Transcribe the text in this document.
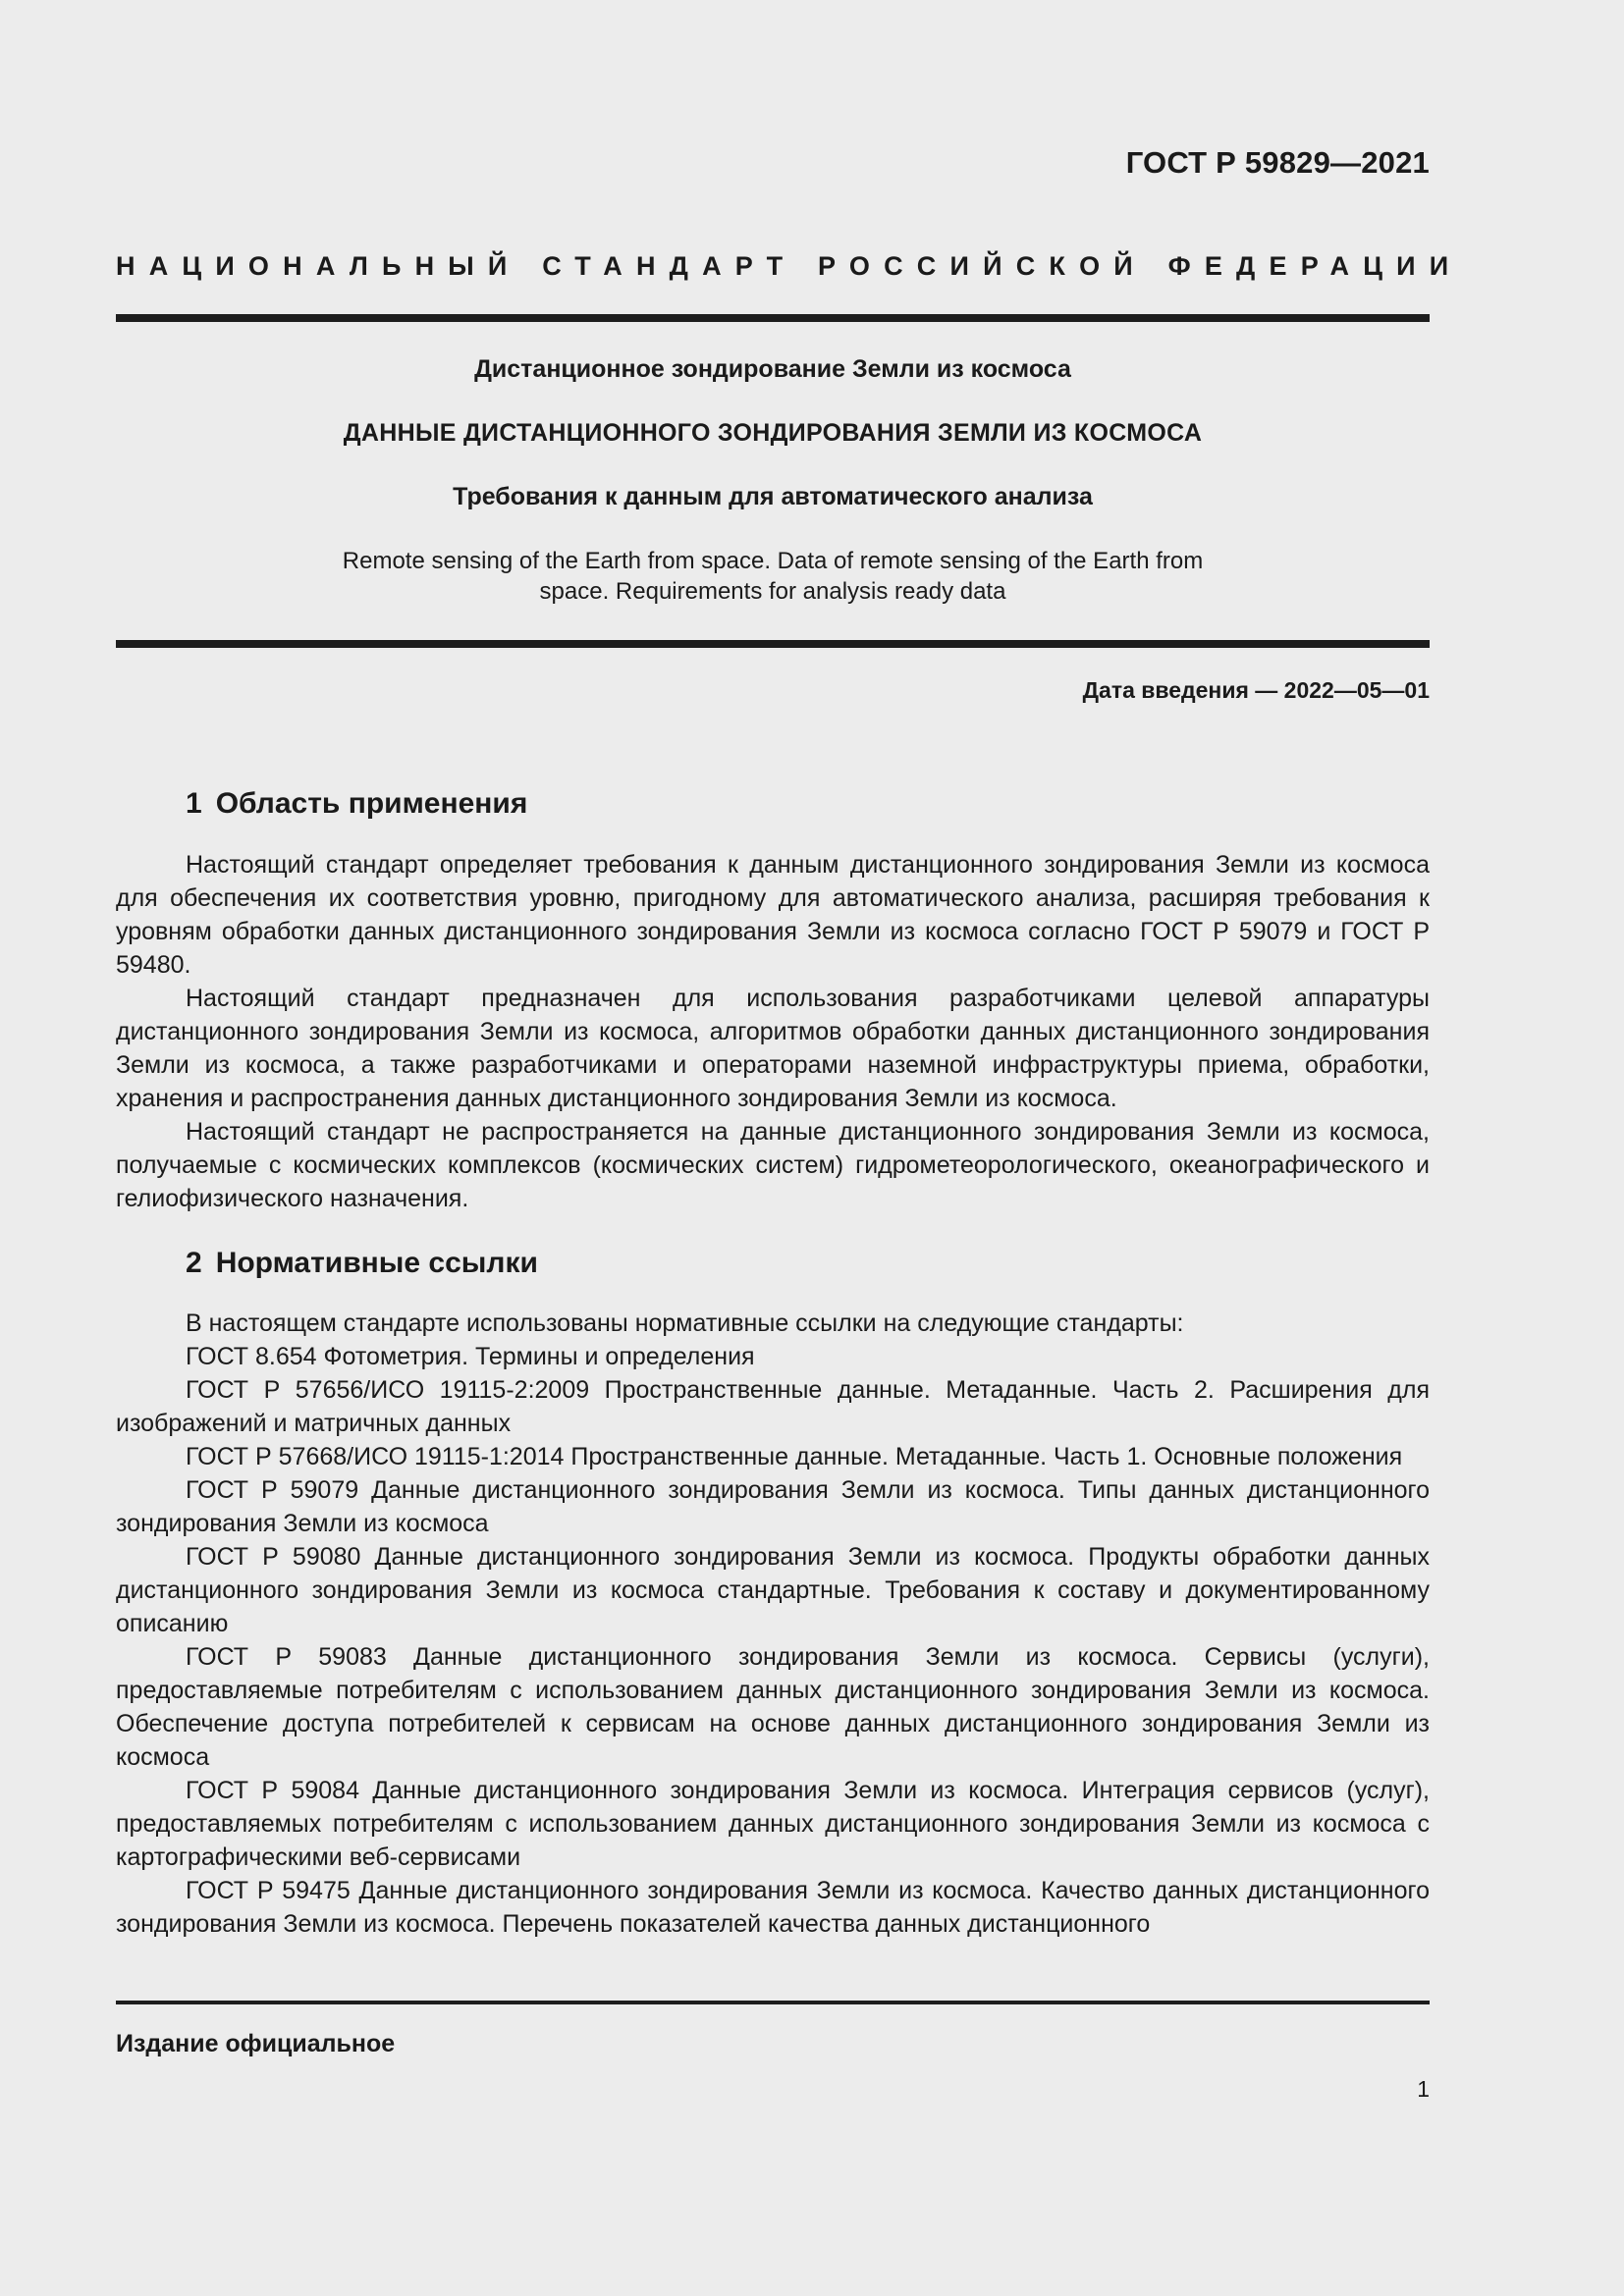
ГОСТ Р 59829—2021
НАЦИОНАЛЬНЫЙ СТАНДАРТ РОССИЙСКОЙ ФЕДЕРАЦИИ
Дистанционное зондирование Земли из космоса
ДАННЫЕ ДИСТАНЦИОННОГО ЗОНДИРОВАНИЯ ЗЕМЛИ ИЗ КОСМОСА
Требования к данным для автоматического анализа
Remote sensing of the Earth from space. Data of remote sensing of the Earth from
space. Requirements for analysis ready data
Дата введения — 2022—05—01
1 Область применения

Настоящий стандарт определяет требования к данным дистанционного зондирования Земли из космоса для обеспечения их соответствия уровню, пригодному для автоматического анализа, расширяя требования к уровням обработки данных дистанционного зондирования Земли из космоса согласно ГОСТ Р 59079 и ГОСТ Р 59480.

Настоящий стандарт предназначен для использования разработчиками целевой аппаратуры дистанционного зондирования Земли из космоса, алгоритмов обработки данных дистанционного зондирования Земли из космоса, а также разработчиками и операторами наземной инфраструктуры приема, обработки, хранения и распространения данных дистанционного зондирования Земли из космоса.

Настоящий стандарт не распространяется на данные дистанционного зондирования Земли из космоса, получаемые с космических комплексов (космических систем) гидрометеорологического, океанографического и гелиофизического назначения.

2 Нормативные ссылки

В настоящем стандарте использованы нормативные ссылки на следующие стандарты:

ГОСТ 8.654 Фотометрия. Термины и определения

ГОСТ Р 57656/ИСО 19115-2:2009 Пространственные данные. Метаданные. Часть 2. Расширения для изображений и матричных данных

ГОСТ Р 57668/ИСО 19115-1:2014 Пространственные данные. Метаданные. Часть 1. Основные положения

ГОСТ Р 59079 Данные дистанционного зондирования Земли из космоса. Типы данных дистанционного зондирования Земли из космоса

ГОСТ Р 59080 Данные дистанционного зондирования Земли из космоса. Продукты обработки данных дистанционного зондирования Земли из космоса стандартные. Требования к составу и документированному описанию

ГОСТ Р 59083 Данные дистанционного зондирования Земли из космоса. Сервисы (услуги), предоставляемые потребителям с использованием данных дистанционного зондирования Земли из космоса. Обеспечение доступа потребителей к сервисам на основе данных дистанционного зондирования Земли из космоса

ГОСТ Р 59084 Данные дистанционного зондирования Земли из космоса. Интеграция сервисов (услуг), предоставляемых потребителям с использованием данных дистанционного зондирования Земли из космоса с картографическими веб-сервисами

ГОСТ Р 59475 Данные дистанционного зондирования Земли из космоса. Качество данных дистанционного зондирования Земли из космоса. Перечень показателей качества данных дистанционного

Издание официальное
1
